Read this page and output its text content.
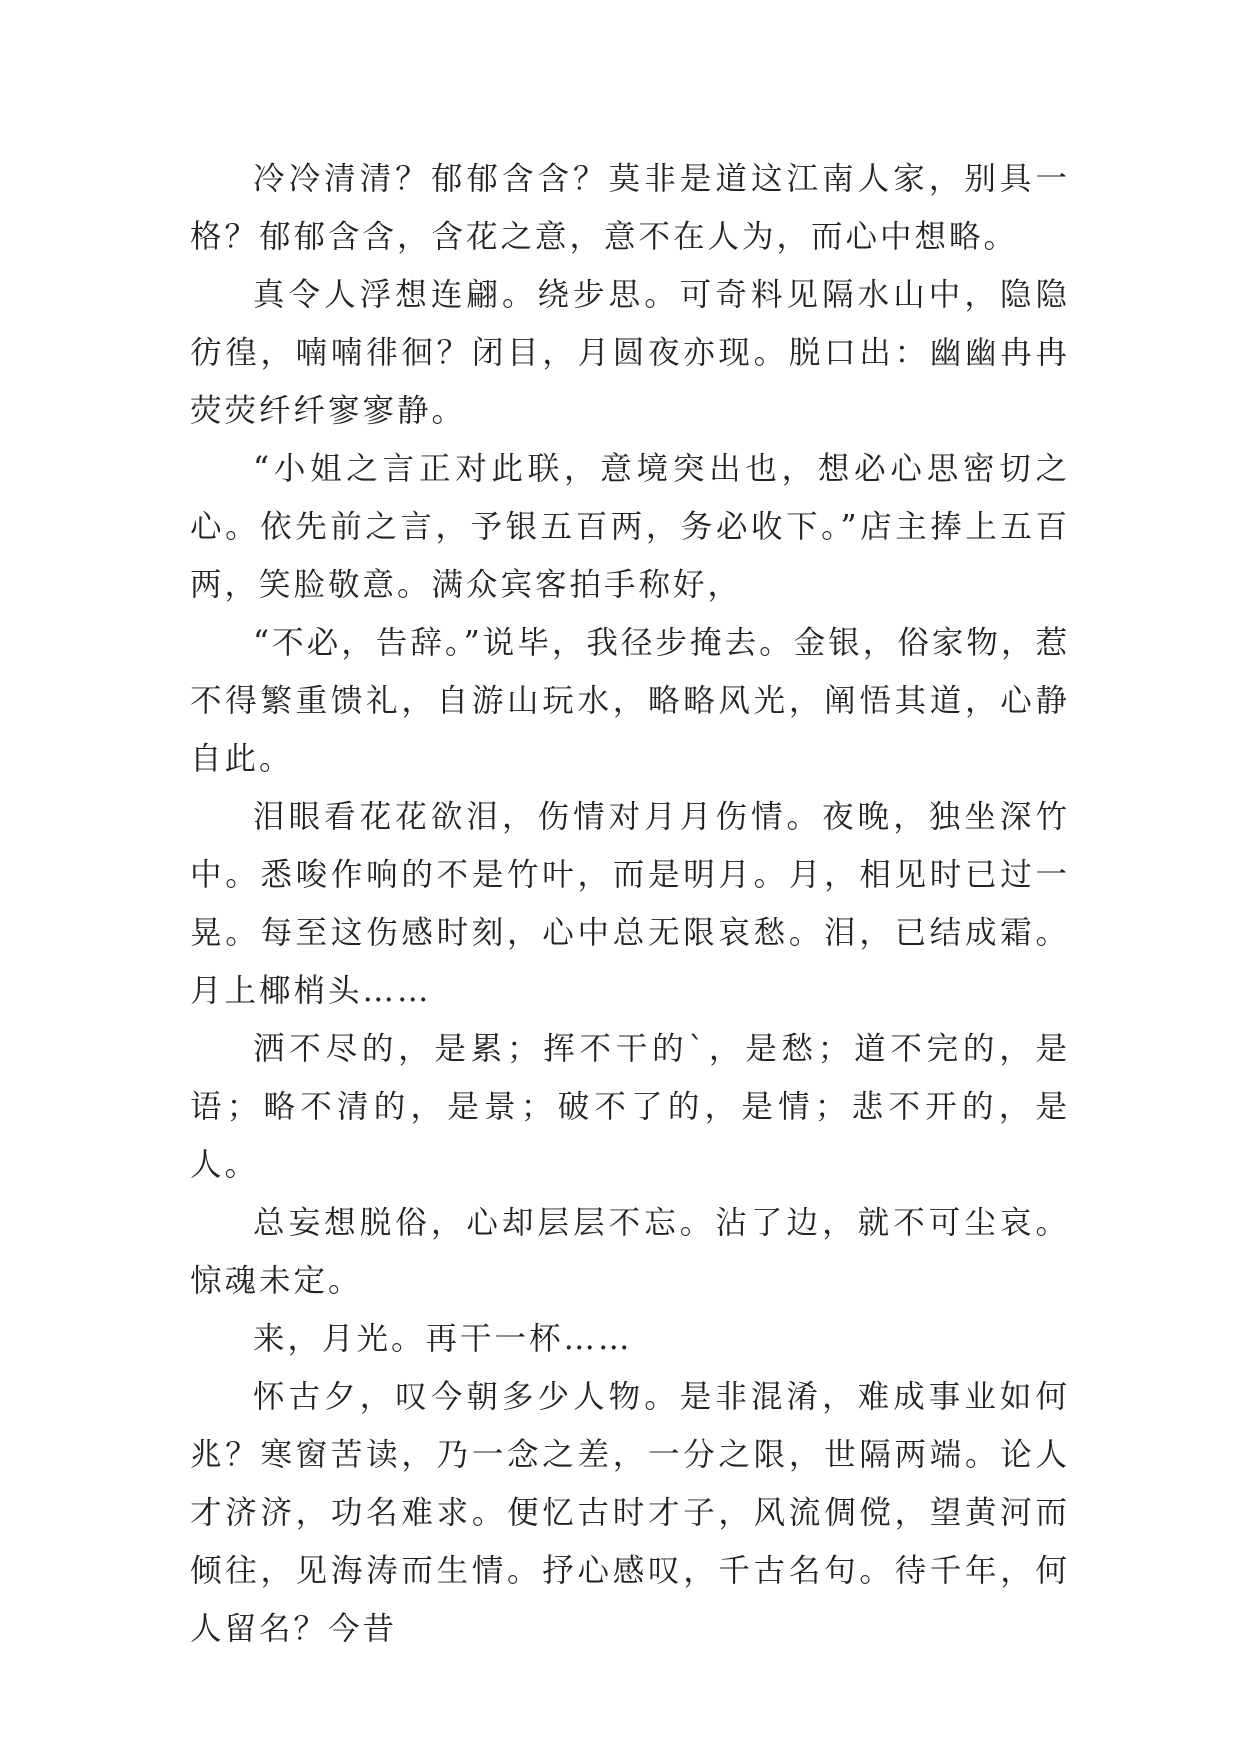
冷冷清清？郁郁含含？莫非是道这江南人家，别具一格？郁郁含含，含花之意，意不在人为，而心中想略。

真令人浮想连翩。绕步思。可奇料见隔水山中，隐隐彷徨，喃喃徘徊？闭目，月圆夜亦现。脱口出：幽幽冉冉荧荧纤纤寥寥静。

“小姐之言正对此联，意境突出也，想必心思密切之心。依先前之言，予银五百两，务必收下。”店主捧上五百两，笑脸敬意。满众宾客拍手称好，

“不必，告辞。”说毕，我径步掩去。金银，俗家物，惹不得繁重馈礼，自游山玩水，略略风光，阐悟其道，心静自此。

泪眼看花花欲泪，伤情对月月伤情。夜晚，独坐深竹中。悉唆作响的不是竹叶，而是明月。月，相见时已过一晃。每至这伤感时刻，心中总无限哀愁。泪，已结成霜。月上椰梢头……

洒不尽的，是累；挥不干的`，是愁；道不完的，是语；略不清的，是景；破不了的，是情；悲不开的，是人。

总妄想脱俗，心却层层不忘。沾了边，就不可尘哀。惊魂未定。

来，月光。再干一杯……

怀古夕，叹今朝多少人物。是非混淆，难成事业如何兆？寒窗苦读，乃一念之差，一分之限，世隔两端。论人才济济，功名难求。便忆古时才子，风流倜傥，望黄河而倾往，见海涛而生情。抒心感叹，千古名句。待千年，何人留名？今昔
